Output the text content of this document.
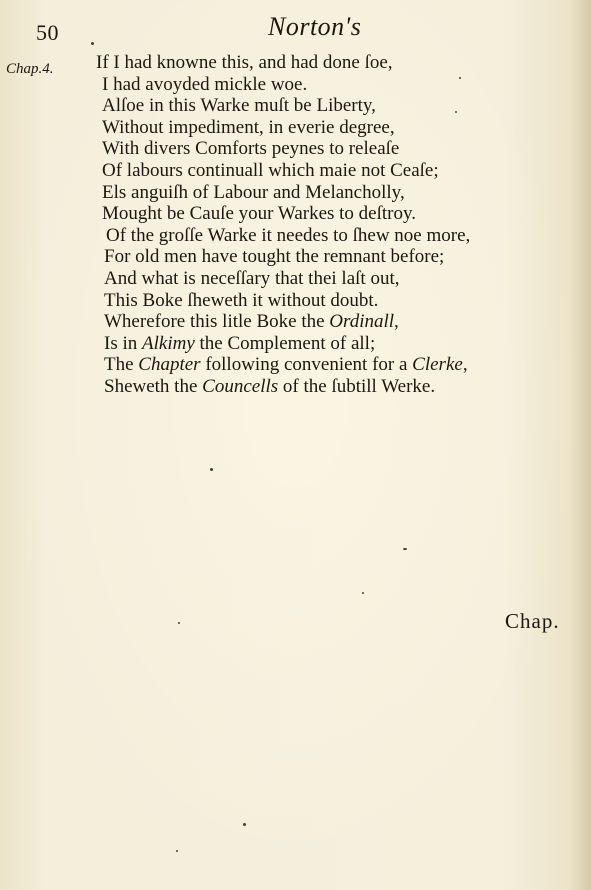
50	Norton's
Chap.4. If I had knowne this, and had done ſoe,
I had avoyded mickle woe.
Alſoe in this Warke muſt be Liberty,
Without impediment, in everie degree,
With divers Comforts peynes to releaſe
Of labours continuall which maie not Ceaſe;
Els anguiſh of Labour and Melancholly,
Mought be Cauſe your Warkes to deſtroy.
Of the groſſe Warke it needes to ſhew noe more,
For old men have tought the remnant before;
And what is neceſſary that thei laſt out,
This Boke ſheweth it without doubt.
Wherefore this litle Boke the Ordinall,
Is in Alkimy the Complement of all;
The Chapter following convenient for a Clerke,
Sheweth the Councells of the ſubtill Werke.
Chap.
